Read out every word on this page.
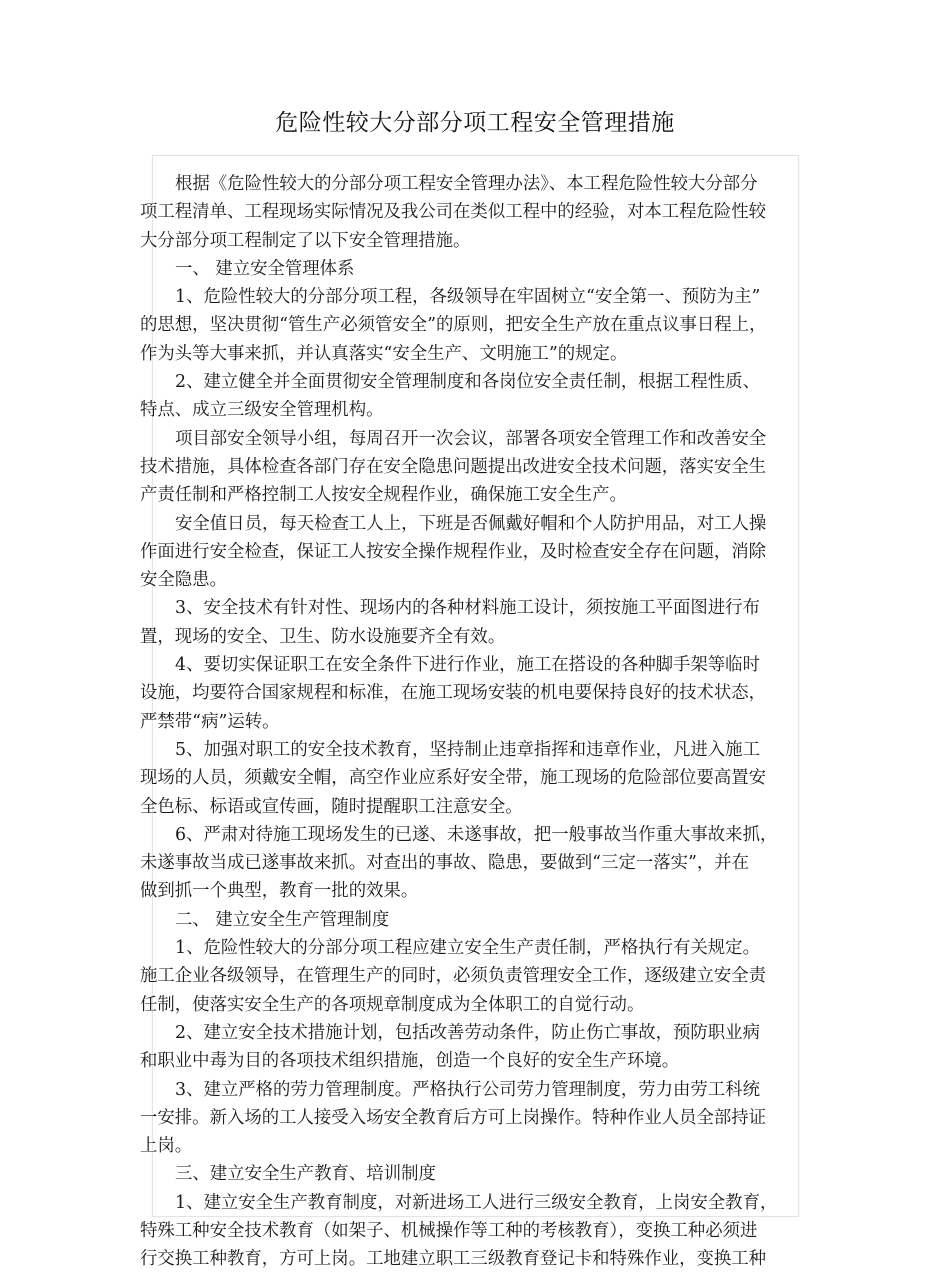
危险性较大分部分项工程安全管理措施
根据《危险性较大的分部分项工程安全管理办法》、本工程危险性较大分部分
项工程清单、工程现场实际情况及我公司在类似工程中的经验，对本工程危险性较
大分部分项工程制定了以下安全管理措施。
一、 建立安全管理体系
1、危险性较大的分部分项工程，各级领导在牢固树立“安全第一、预防为主”
的思想，坚决贯彻“管生产必须管安全”的原则，把安全生产放在重点议事日程上，
作为头等大事来抓，并认真落实“安全生产、文明施工”的规定。
2、建立健全并全面贯彻安全管理制度和各岗位安全责任制，根据工程性质、
特点、成立三级安全管理机构。
项目部安全领导小组，每周召开一次会议，部署各项安全管理工作和改善安全
技术措施，具体检查各部门存在安全隐患问题提出改进安全技术问题，落实安全生
产责任制和严格控制工人按安全规程作业，确保施工安全生产。
安全值日员，每天检查工人上，下班是否佩戴好帽和个人防护用品，对工人操
作面进行安全检查，保证工人按安全操作规程作业，及时检查安全存在问题，消除
安全隐患。
3、安全技术有针对性、现场内的各种材料施工设计，须按施工平面图进行布
置，现场的安全、卫生、防水设施要齐全有效。
4、要切实保证职工在安全条件下进行作业，施工在搭设的各种脚手架等临时
设施，均要符合国家规程和标准，在施工现场安装的机电要保持良好的技术状态，
严禁带“病”运转。
5、加强对职工的安全技术教育，坚持制止违章指挥和违章作业，凡进入施工
现场的人员，须戴安全帽，高空作业应系好安全带，施工现场的危险部位要高置安
全色标、标语或宣传画，随时提醒职工注意安全。
6、严肃对待施工现场发生的已遂、未遂事故，把一般事故当作重大事故来抓，
未遂事故当成已遂事故来抓。对查出的事故、隐患，要做到“三定一落实”，并在
做到抓一个典型，教育一批的效果。
二、 建立安全生产管理制度
1、危险性较大的分部分项工程应建立安全生产责任制，严格执行有关规定。
施工企业各级领导，在管理生产的同时，必须负责管理安全工作，逐级建立安全责
任制，使落实安全生产的各项规章制度成为全体职工的自觉行动。
2、建立安全技术措施计划，包括改善劳动条件，防止伤亡事故，预防职业病
和职业中毒为目的各项技术组织措施，创造一个良好的安全生产环境。
3、建立严格的劳力管理制度。严格执行公司劳力管理制度，劳力由劳工科统
一安排。新入场的工人接受入场安全教育后方可上岗操作。特种作业人员全部持证
上岗。
三、建立安全生产教育、培训制度
1、建立安全生产教育制度，对新进场工人进行三级安全教育，上岗安全教育，
特殊工种安全技术教育（如架子、机械操作等工种的考核教育），变换工种必须进
行交换工种教育，方可上岗。工地建立职工三级教育登记卡和特殊作业，变换工种
